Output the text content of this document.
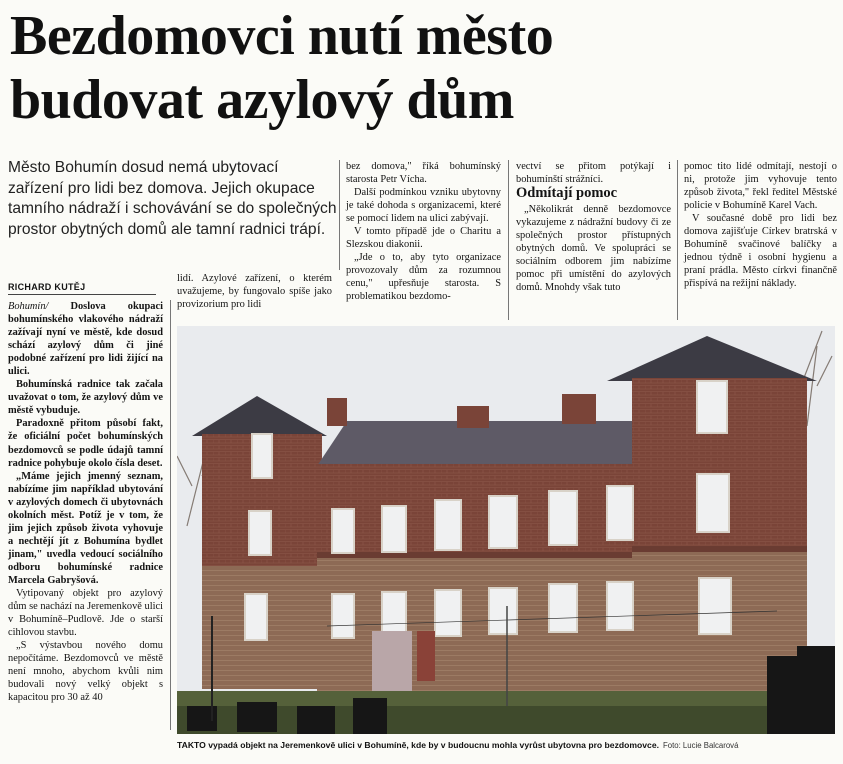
Bezdomovci nutí město
budovat azylový dům
Město Bohumín dosud nemá ubytovací zařízení pro lidi bez domova. Jejich okupace tamního nádraží i schovávání se do společných prostor obytných domů ale tamní radnici trápí.
RICHARD KUTĚJ

Bohumín/ Doslova okupaci bohumínského vlakového nádraží zažívají nyní ve městě, kde dosud schází azylový dům či jiné podobné zařízení pro lidi žijící na ulici.

Bohumínská radnice tak začala uvažovat o tom, že azylový dům ve městě vybuduje.

Paradoxně přitom působí fakt, že oficiální počet bohumínských bezdomovců se podle údajů tamní radnice pohybuje okolo čísla deset.

„Máme jejich jmenný seznam, nabízíme jim například ubytování v azylových domech či ubytovnách okolních měst. Potíž je v tom, že jim jejich způsob života vyhovuje a nechtějí jít z Bohumína bydlet jinam," uvedla vedoucí sociálního odboru bohumínské radnice Marcela Gabryšová.

Vytipovaný objekt pro azylový dům se nachází na Jeremenkově ulici v Bohumíně–Pudlově. Jde o starší cihlovou stavbu.

„S výstavbou nového domu nepočítáme. Bezdomovců ve městě není mnoho, abychom kvůli nim budovali nový velký objekt s kapacitou pro 30 až 40

lidí. Azylové zařízení, o kterém uvažujeme, by fungovalo spíše jako provizorium pro lidi

bez domova," říká bohumínský starosta Petr Vícha.

Další podmínkou vzniku ubytovny je také dohoda s organizacemi, které se pomocí lidem na ulici zabývají.

V tomto případě jde o Charitu a Slezskou diakonii.

„Jde o to, aby tyto organizace provozovaly dům za rozumnou cenu," upřesňuje starosta. S problematikou bezdomo-

vectví se přitom potýkají i bohumínští strážníci.

Odmítají pomoc

„Několikrát denně bezdomovce vykazujeme z nádražní budovy či ze společných prostor přístupných obytných domů. Ve spolupráci se sociálním odborem jim nabízíme pomoc při umístění do azylových domů. Mnohdy však tuto

pomoc tito lidé odmítají, nestojí o ni, protože jim vyhovuje tento způsob života," řekl ředitel Městské policie v Bohumíně Karel Vach.

V současné době pro lidi bez domova zajišťuje Církev bratrská v Bohumíně svačinové balíčky a jednou týdně i osobní hygienu a praní prádla. Město církvi finančně přispívá na režijní náklady.

TAKTO vypadá objekt na Jeremenkově ulici v Bohumíně, kde by v budoucnu mohla vyrůst ubytovna pro bezdomovce. Foto: Lucie Balcarová
